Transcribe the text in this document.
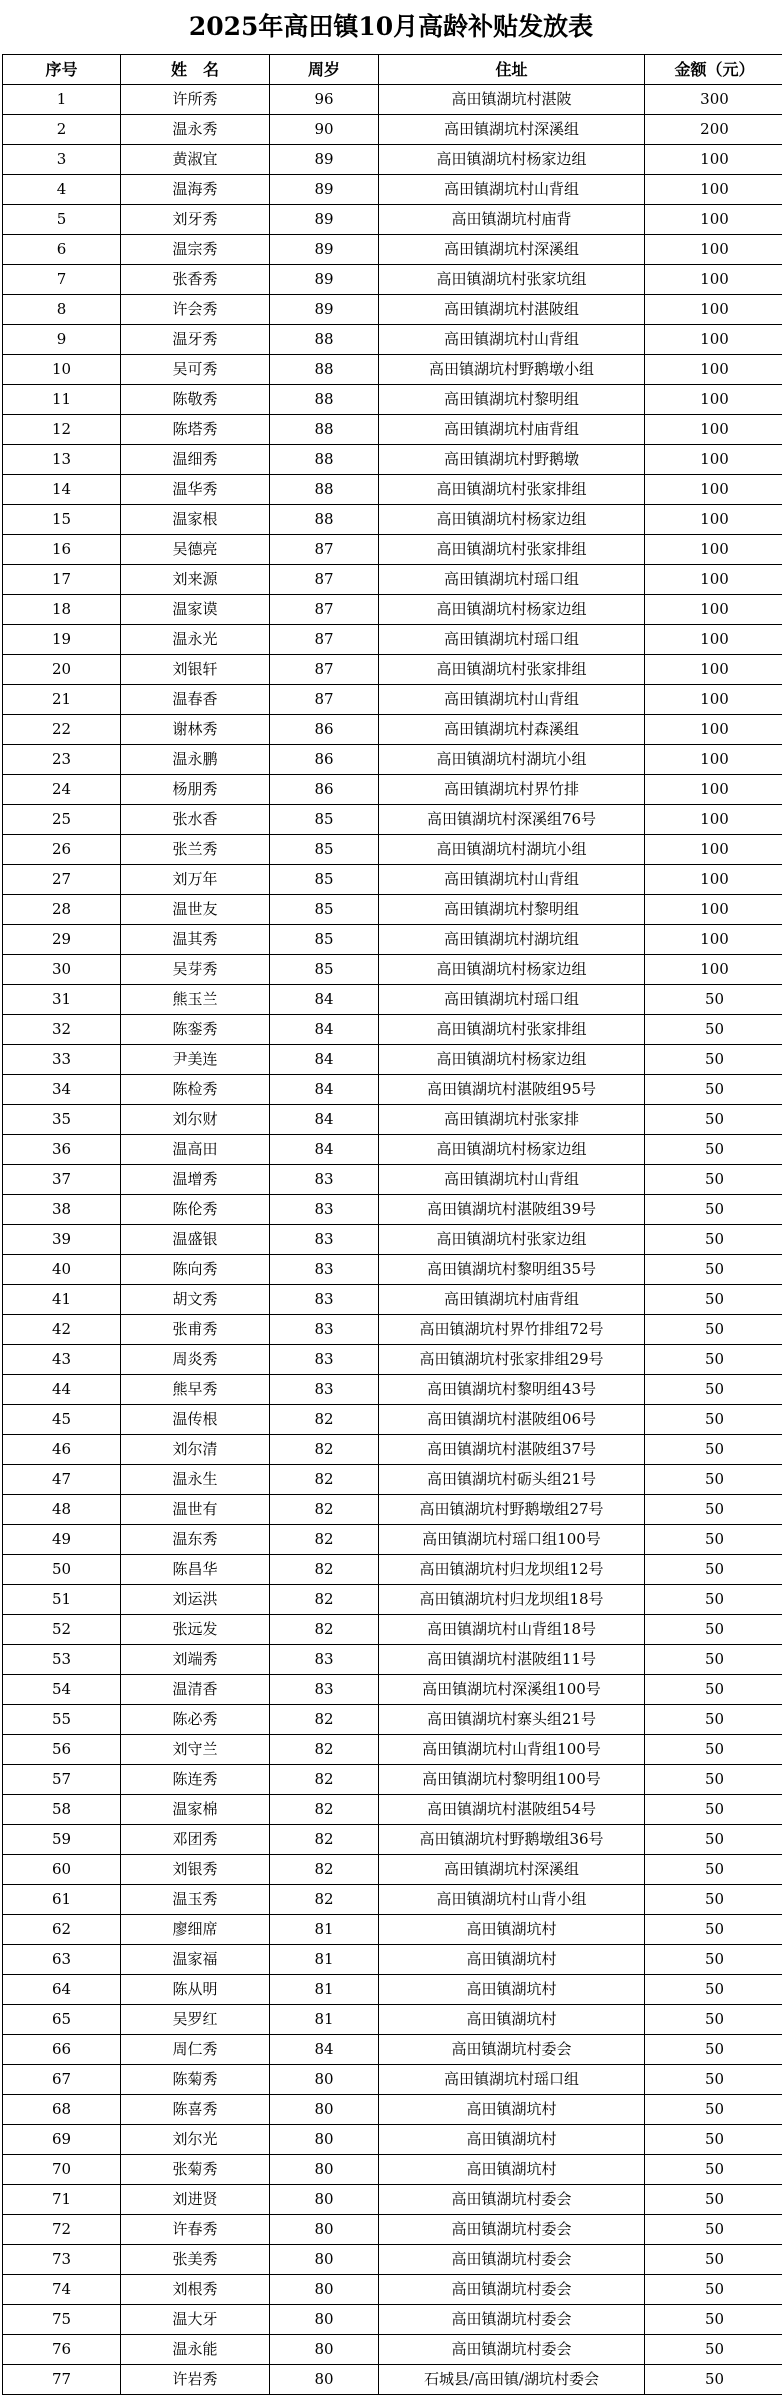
2025年高田镇10月高龄补贴发放表
序号	姓　名	周岁	住址	金额（元）
1	许所秀	96	高田镇湖坑村湛陂	300
2	温永秀	90	高田镇湖坑村深溪组	200
3	黄淑宜	89	高田镇湖坑村杨家边组	100
4	温海秀	89	高田镇湖坑村山背组	100
5	刘牙秀	89	高田镇湖坑村庙背	100
6	温宗秀	89	高田镇湖坑村深溪组	100
7	张香秀	89	高田镇湖坑村张家坑组	100
8	许会秀	89	高田镇湖坑村湛陂组	100
9	温牙秀	88	高田镇湖坑村山背组	100
10	吴可秀	88	高田镇湖坑村野鹅墩小组	100
11	陈敬秀	88	高田镇湖坑村黎明组	100
12	陈塔秀	88	高田镇湖坑村庙背组	100
13	温细秀	88	高田镇湖坑村野鹅墩	100
14	温华秀	88	高田镇湖坑村张家排组	100
15	温家根	88	高田镇湖坑村杨家边组	100
16	吴德亮	87	高田镇湖坑村张家排组	100
17	刘来源	87	高田镇湖坑村瑶口组	100
18	温家谟	87	高田镇湖坑村杨家边组	100
19	温永光	87	高田镇湖坑村瑶口组	100
20	刘银轩	87	高田镇湖坑村张家排组	100
21	温春香	87	高田镇湖坑村山背组	100
22	谢林秀	86	高田镇湖坑村森溪组	100
23	温永鹏	86	高田镇湖坑村湖坑小组	100
24	杨朋秀	86	高田镇湖坑村界竹排	100
25	张水香	85	高田镇湖坑村深溪组76号	100
26	张兰秀	85	高田镇湖坑村湖坑小组	100
27	刘万年	85	高田镇湖坑村山背组	100
28	温世友	85	高田镇湖坑村黎明组	100
29	温其秀	85	高田镇湖坑村湖坑组	100
30	吴芽秀	85	高田镇湖坑村杨家边组	100
31	熊玉兰	84	高田镇湖坑村瑶口组	50
32	陈銮秀	84	高田镇湖坑村张家排组	50
33	尹美连	84	高田镇湖坑村杨家边组	50
34	陈检秀	84	高田镇湖坑村湛陂组95号	50
35	刘尔财	84	高田镇湖坑村张家排	50
36	温高田	84	高田镇湖坑村杨家边组	50
37	温增秀	83	高田镇湖坑村山背组	50
38	陈伦秀	83	高田镇湖坑村湛陂组39号	50
39	温盛银	83	高田镇湖坑村张家边组	50
40	陈向秀	83	高田镇湖坑村黎明组35号	50
41	胡文秀	83	高田镇湖坑村庙背组	50
42	张甫秀	83	高田镇湖坑村界竹排组72号	50
43	周炎秀	83	高田镇湖坑村张家排组29号	50
44	熊早秀	83	高田镇湖坑村黎明组43号	50
45	温传根	82	高田镇湖坑村湛陂组06号	50
46	刘尔清	82	高田镇湖坑村湛陂组37号	50
47	温永生	82	高田镇湖坑村砺头组21号	50
48	温世有	82	高田镇湖坑村野鹅墩组27号	50
49	温东秀	82	高田镇湖坑村瑶口组100号	50
50	陈昌华	82	高田镇湖坑村归龙坝组12号	50
51	刘运洪	82	高田镇湖坑村归龙坝组18号	50
52	张远发	82	高田镇湖坑村山背组18号	50
53	刘端秀	83	高田镇湖坑村湛陂组11号	50
54	温清香	83	高田镇湖坑村深溪组100号	50
55	陈必秀	82	高田镇湖坑村寨头组21号	50
56	刘守兰	82	高田镇湖坑村山背组100号	50
57	陈连秀	82	高田镇湖坑村黎明组100号	50
58	温家棉	82	高田镇湖坑村湛陂组54号	50
59	邓团秀	82	高田镇湖坑村野鹅墩组36号	50
60	刘银秀	82	高田镇湖坑村深溪组	50
61	温玉秀	82	高田镇湖坑村山背小组	50
62	廖细席	81	高田镇湖坑村	50
63	温家福	81	高田镇湖坑村	50
64	陈从明	81	高田镇湖坑村	50
65	吴罗红	81	高田镇湖坑村	50
66	周仁秀	84	高田镇湖坑村委会	50
67	陈菊秀	80	高田镇湖坑村瑶口组	50
68	陈喜秀	80	高田镇湖坑村	50
69	刘尔光	80	高田镇湖坑村	50
70	张菊秀	80	高田镇湖坑村	50
71	刘进贤	80	高田镇湖坑村委会	50
72	许春秀	80	高田镇湖坑村委会	50
73	张美秀	80	高田镇湖坑村委会	50
74	刘根秀	80	高田镇湖坑村委会	50
75	温大牙	80	高田镇湖坑村委会	50
76	温永能	80	高田镇湖坑村委会	50
77	许岩秀	80	石城县/高田镇/湖坑村委会	50
